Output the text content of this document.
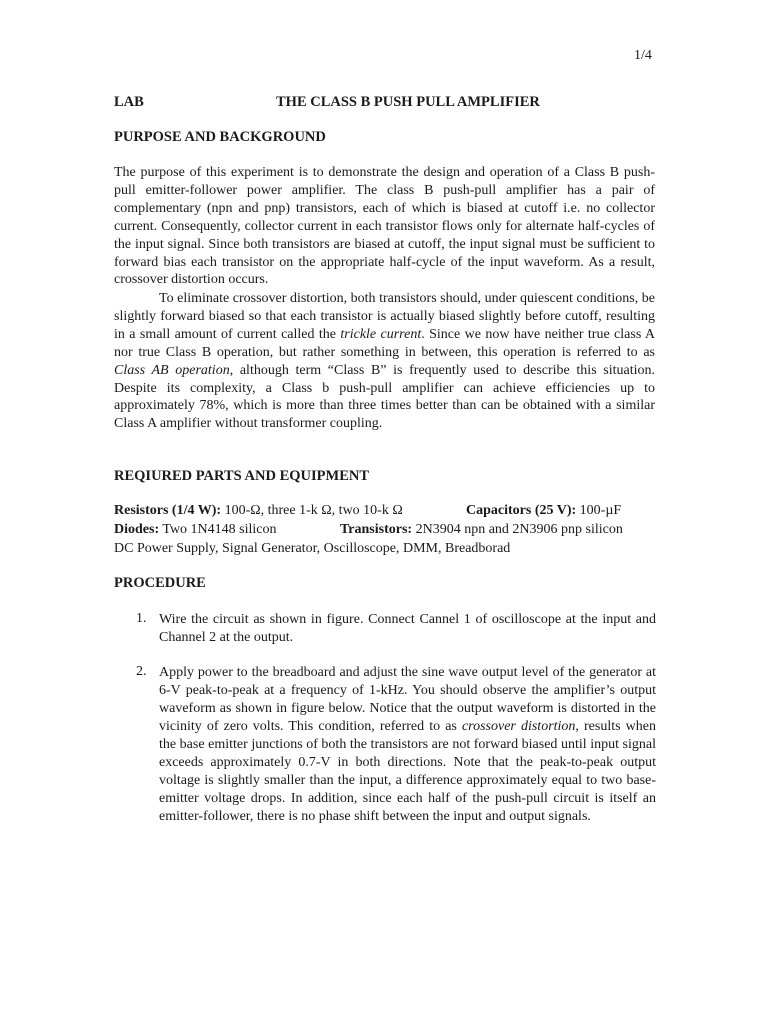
1/4
LAB	THE CLASS B PUSH PULL AMPLIFIER
PURPOSE AND BACKGROUND

The purpose of this experiment is to demonstrate the design and operation of a Class B push-pull emitter-follower power amplifier. The class B push-pull amplifier has a pair of complementary (npn and pnp) transistors, each of which is biased at cutoff i.e. no collector current. Consequently, collector current in each transistor flows only for alternate half-cycles of the input signal. Since both transistors are biased at cutoff, the input signal must be sufficient to forward bias each transistor on the appropriate half-cycle of the input waveform. As a result, crossover distortion occurs.

To eliminate crossover distortion, both transistors should, under quiescent conditions, be slightly forward biased so that each transistor is actually biased slightly before cutoff, resulting in a small amount of current called the trickle current. Since we now have neither true class A nor true Class B operation, but rather something in between, this operation is referred to as Class AB operation, although term “Class B” is frequently used to describe this situation. Despite its complexity, a Class b push-pull amplifier can achieve efficiencies up to approximately 78%, which is more than three times better than can be obtained with a similar Class A amplifier without transformer coupling.

REQIURED PARTS AND EQUIPMENT
Resistors (1/4 W): 100-Ω, three 1-k Ω, two 10-k Ω	Capacitors (25 V): 100-µF
Diodes: Two 1N4148 silicon	Transistors: 2N3904 npn and 2N3906 pnp silicon
DC Power Supply, Signal Generator, Oscilloscope, DMM, Breadborad
PROCEDURE
1. Wire the circuit as shown in figure. Connect Cannel 1 of oscilloscope at the input and Channel 2 at the output.

2. Apply power to the breadboard and adjust the sine wave output level of the generator at 6-V peak-to-peak at a frequency of 1-kHz. You should observe the amplifier’s output waveform as shown in figure below. Notice that the output waveform is distorted in the vicinity of zero volts. This condition, referred to as crossover distortion, results when the base emitter junctions of both the transistors are not forward biased until input signal exceeds approximately 0.7-V in both directions. Note that the peak-to-peak output voltage is slightly smaller than the input, a difference approximately equal to two base-emitter voltage drops. In addition, since each half of the push-pull circuit is itself an emitter-follower, there is no phase shift between the input and output signals.
